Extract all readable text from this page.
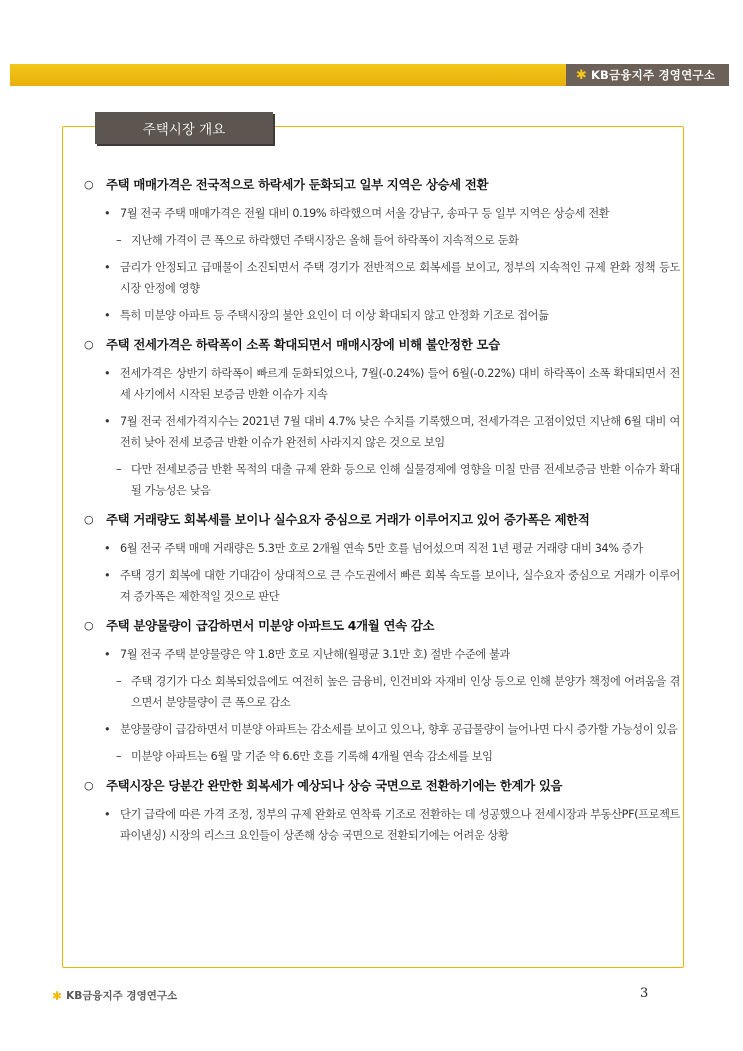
✱ KB금융지주 경영연구소
주택시장 개요
○	주택 매매가격은 전국적으로 하락세가 둔화되고 일부 지역은 상승세 전환
• 7월 전국 주택 매매가격은 전월 대비 0.19% 하락했으며 서울 강남구, 송파구 등 일부 지역은 상승세 전환
– 지난해 가격이 큰 폭으로 하락했던 주택시장은 올해 들어 하락폭이 지속적으로 둔화
• 금리가 안정되고 급매물이 소진되면서 주택 경기가 전반적으로 회복세를 보이고, 정부의 지속적인 규제 완화 정책 등도 시장 안정에 영향
• 특히 미분양 아파트 등 주택시장의 불안 요인이 더 이상 확대되지 않고 안정화 기조로 접어듦
○	주택 전세가격은 하락폭이 소폭 확대되면서 매매시장에 비해 불안정한 모습
• 전세가격은 상반기 하락폭이 빠르게 둔화되었으나, 7월(-0.24%) 들어 6월(-0.22%) 대비 하락폭이 소폭 확대되면서 전세 사기에서 시작된 보증금 반환 이슈가 지속
• 7월 전국 전세가격지수는 2021년 7월 대비 4.7% 낮은 수치를 기록했으며, 전세가격은 고점이었던 지난해 6월 대비 여전히 낮아 전세 보증금 반환 이슈가 완전히 사라지지 않은 것으로 보임
– 다만 전세보증금 반환 목적의 대출 규제 완화 등으로 인해 실물경제에 영향을 미칠 만큼 전세보증금 반환 이슈가 확대될 가능성은 낮음
○	주택 거래량도 회복세를 보이나 실수요자 중심으로 거래가 이루어지고 있어 증가폭은 제한적
• 6월 전국 주택 매매 거래량은 5.3만 호로 2개월 연속 5만 호를 넘어섰으며 직전 1년 평균 거래량 대비 34% 증가
• 주택 경기 회복에 대한 기대감이 상대적으로 큰 수도권에서 빠른 회복 속도를 보이나, 실수요자 중심으로 거래가 이루어져 증가폭은 제한적일 것으로 판단
○	주택 분양물량이 급감하면서 미분양 아파트도 4개월 연속 감소
• 7월 전국 주택 분양물량은 약 1.8만 호로 지난해(월평균 3.1만 호) 절반 수준에 불과
– 주택 경기가 다소 회복되었음에도 여전히 높은 금융비, 인건비와 자재비 인상 등으로 인해 분양가 책정에 어려움을 겪으면서 분양물량이 큰 폭으로 감소
• 분양물량이 급감하면서 미분양 아파트는 감소세를 보이고 있으나, 향후 공급물량이 늘어나면 다시 증가할 가능성이 있음
– 미분양 아파트는 6월 말 기준 약 6.6만 호를 기록해 4개월 연속 감소세를 보임
○	주택시장은 당분간 완만한 회복세가 예상되나 상승 국면으로 전환하기에는 한계가 있음
• 단기 급락에 따른 가격 조정, 정부의 규제 완화로 연착륙 기조로 전환하는 데 성공했으나 전세시장과 부동산PF(프로젝트파이낸싱) 시장의 리스크 요인들이 상존해 상승 국면으로 전환되기에는 어려운 상황
✱ KB금융지주 경영연구소	3
